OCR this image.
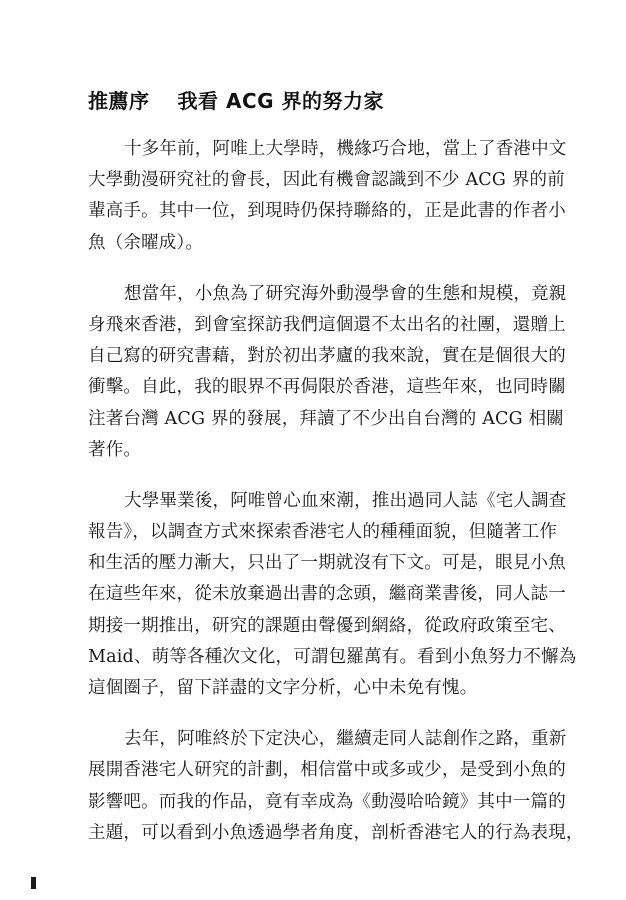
推薦序 我看 ACG 界的努力家
十多年前，阿唯上大學時，機緣巧合地，當上了香港中文
大學動漫研究社的會長，因此有機會認識到不少 ACG 界的前
輩高手。其中一位，到現時仍保持聯絡的，正是此書的作者小
魚（余曜成）。
想當年，小魚為了研究海外動漫學會的生態和規模，竟親
身飛來香港，到會室探訪我們這個還不太出名的社團，還贈上
自己寫的研究書藉，對於初出茅廬的我來說，實在是個很大的
衝擊。自此，我的眼界不再侷限於香港，這些年來，也同時關
注著台灣 ACG 界的發展，拜讀了不少出自台灣的 ACG 相關
著作。
大學畢業後，阿唯曾心血來潮，推出過同人誌《宅人調查
報告》，以調查方式來探索香港宅人的種種面貌，但隨著工作
和生活的壓力漸大，只出了一期就沒有下文。可是，眼見小魚
在這些年來，從未放棄過出書的念頭，繼商業書後，同人誌一
期接一期推出，研究的課題由聲優到網絡，從政府政策至宅、
Maid、萌等各種次文化，可謂包羅萬有。看到小魚努力不懈為
這個圈子，留下詳盡的文字分析，心中未免有愧。
去年，阿唯終於下定決心，繼續走同人誌創作之路，重新
展開香港宅人研究的計劃，相信當中或多或少，是受到小魚的
影響吧。而我的作品，竟有幸成為《動漫哈哈鏡》其中一篇的
主題，可以看到小魚透過學者角度，剖析香港宅人的行為表現，
